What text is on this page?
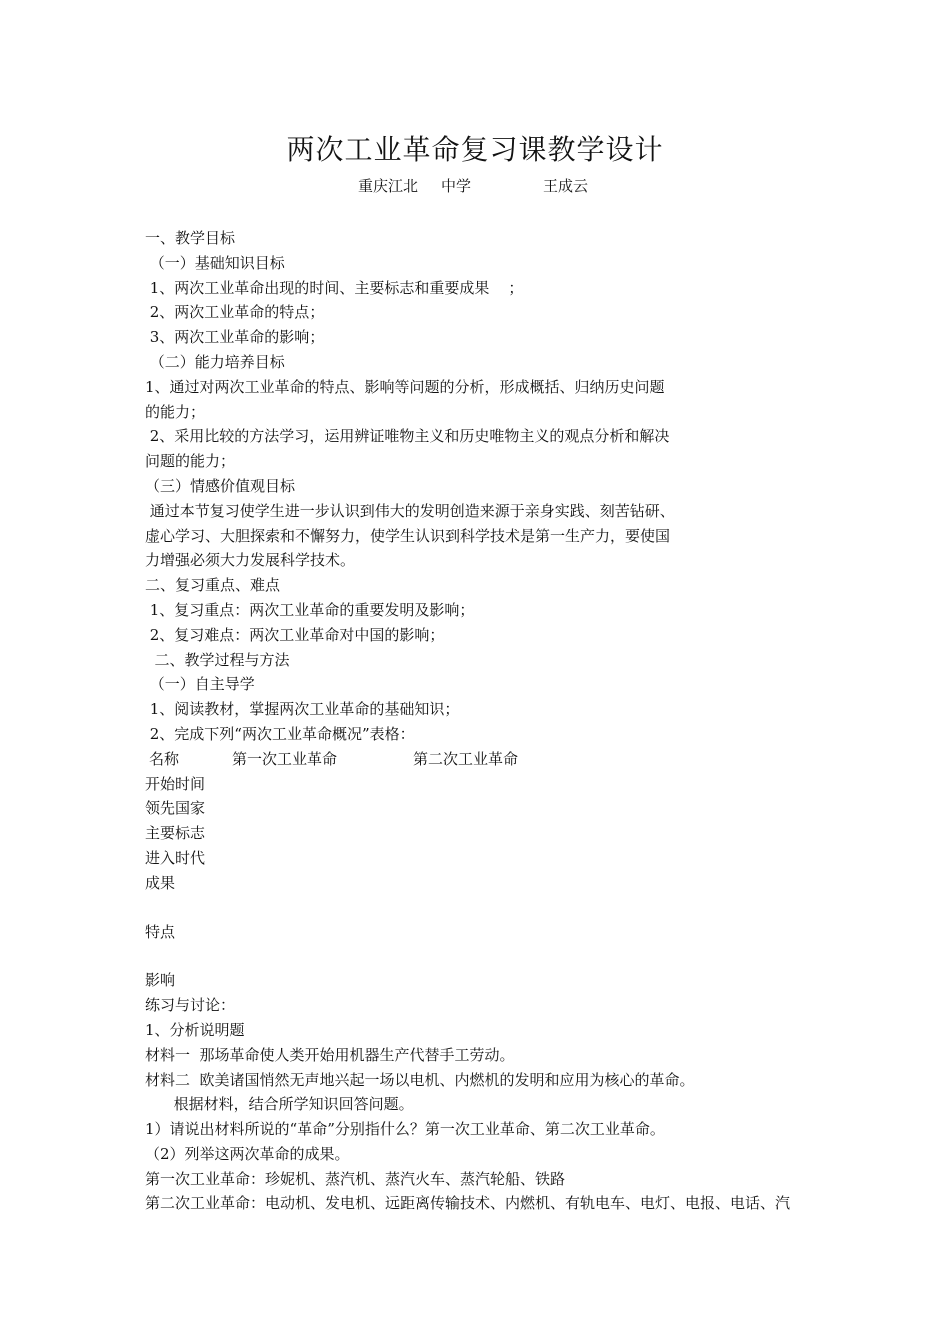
两次工业革命复习课教学设计
重庆江北 中学	王成云
一、教学目标
（一）基础知识目标
1、两次工业革命出现的时间、主要标志和重要成果    ；
2、两次工业革命的特点；
3、两次工业革命的影响；
（二）能力培养目标
1、通过对两次工业革命的特点、影响等问题的分析，形成概括、归纳历史问题
的能力；
2、采用比较的方法学习，运用辨证唯物主义和历史唯物主义的观点分析和解决
问题的能力；
（三）情感价值观目标
通过本节复习使学生进一步认识到伟大的发明创造来源于亲身实践、刻苦钻研、
虚心学习、大胆探索和不懈努力，使学生认识到科学技术是第一生产力，要使国
力增强必须大力发展科学技术。
二、复习重点、难点
1、复习重点：两次工业革命的重要发明及影响；
2、复习难点：两次工业革命对中国的影响；
二、教学过程与方法
（一）自主导学
1、阅读教材，掌握两次工业革命的基础知识；
2、完成下列“两次工业革命概况”表格：
名称	第一次工业革命	第二次工业革命
开始时间
领先国家
主要标志
进入时代
成果
特点
影响
练习与讨论：
1、分析说明题
材料一  那场革命使人类开始用机器生产代替手工劳动。
材料二  欧美诸国悄然无声地兴起一场以电机、内燃机的发明和应用为核心的革命。
根据材料，结合所学知识回答问题。
1）请说出材料所说的“革命”分别指什么？第一次工业革命、第二次工业革命。
（2）列举这两次革命的成果。
第一次工业革命：珍妮机、蒸汽机、蒸汽火车、蒸汽轮船、铁路
第二次工业革命：电动机、发电机、远距离传输技术、内燃机、有轨电车、电灯、电报、电话、汽
